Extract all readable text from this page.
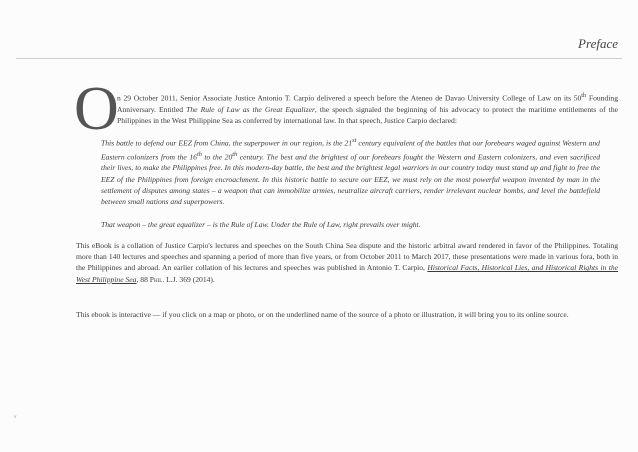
Preface
O

n 29 October 2011, Senior Associate Justice Antonio T. Carpio delivered a speech before the Ateneo de Davao University College of Law on its 50th Founding Anniversary. Entitled The Rule of Law as the Great Equalizer, the speech signaled the beginning of his advocacy to protect the maritime entitlements of the Philippines in the West Philippine Sea as conferred by international law. In that speech, Justice Carpio declared:

This battle to defend our EEZ from China, the superpower in our region, is the 21st century equivalent of the battles that our forebears waged against Western and Eastern colonizers from the 16th to the 20th century. The best and the brightest of our forebears fought the Western and Eastern colonizers, and even sacrificed their lives, to make the Philippines free. In this modern-day battle, the best and the brightest legal warriors in our country today must stand up and fight to free the EEZ of the Philippines from foreign encroachment. In this historic battle to secure our EEZ, we must rely on the most powerful weapon invented by man in the settlement of disputes among states – a weapon that can immobilize armies, neutralize aircraft carriers, render irrelevant nuclear bombs, and level the battlefield between small nations and superpowers.

That weapon – the great equalizer – is the Rule of Law. Under the Rule of Law, right prevails over might.

This eBook is a collation of Justice Carpio's lectures and speeches on the South China Sea dispute and the historic arbitral award rendered in favor of the Philippines. Totaling more than 140 lectures and speeches and spanning a period of more than five years, or from October 2011 to March 2017, these presentations were made in various fora, both in the Philippines and abroad. An earlier collation of his lectures and speeches was published in Antonio T. Carpio, Historical Facts, Historical Lies, and Historical Rights in the West Philippine Sea, 88 Phil. L.J. 369 (2014).

This ebook is interactive — if you click on a map or photo, or on the underlined name of the source of a photo or illustration, it will bring you to its online source.

v
